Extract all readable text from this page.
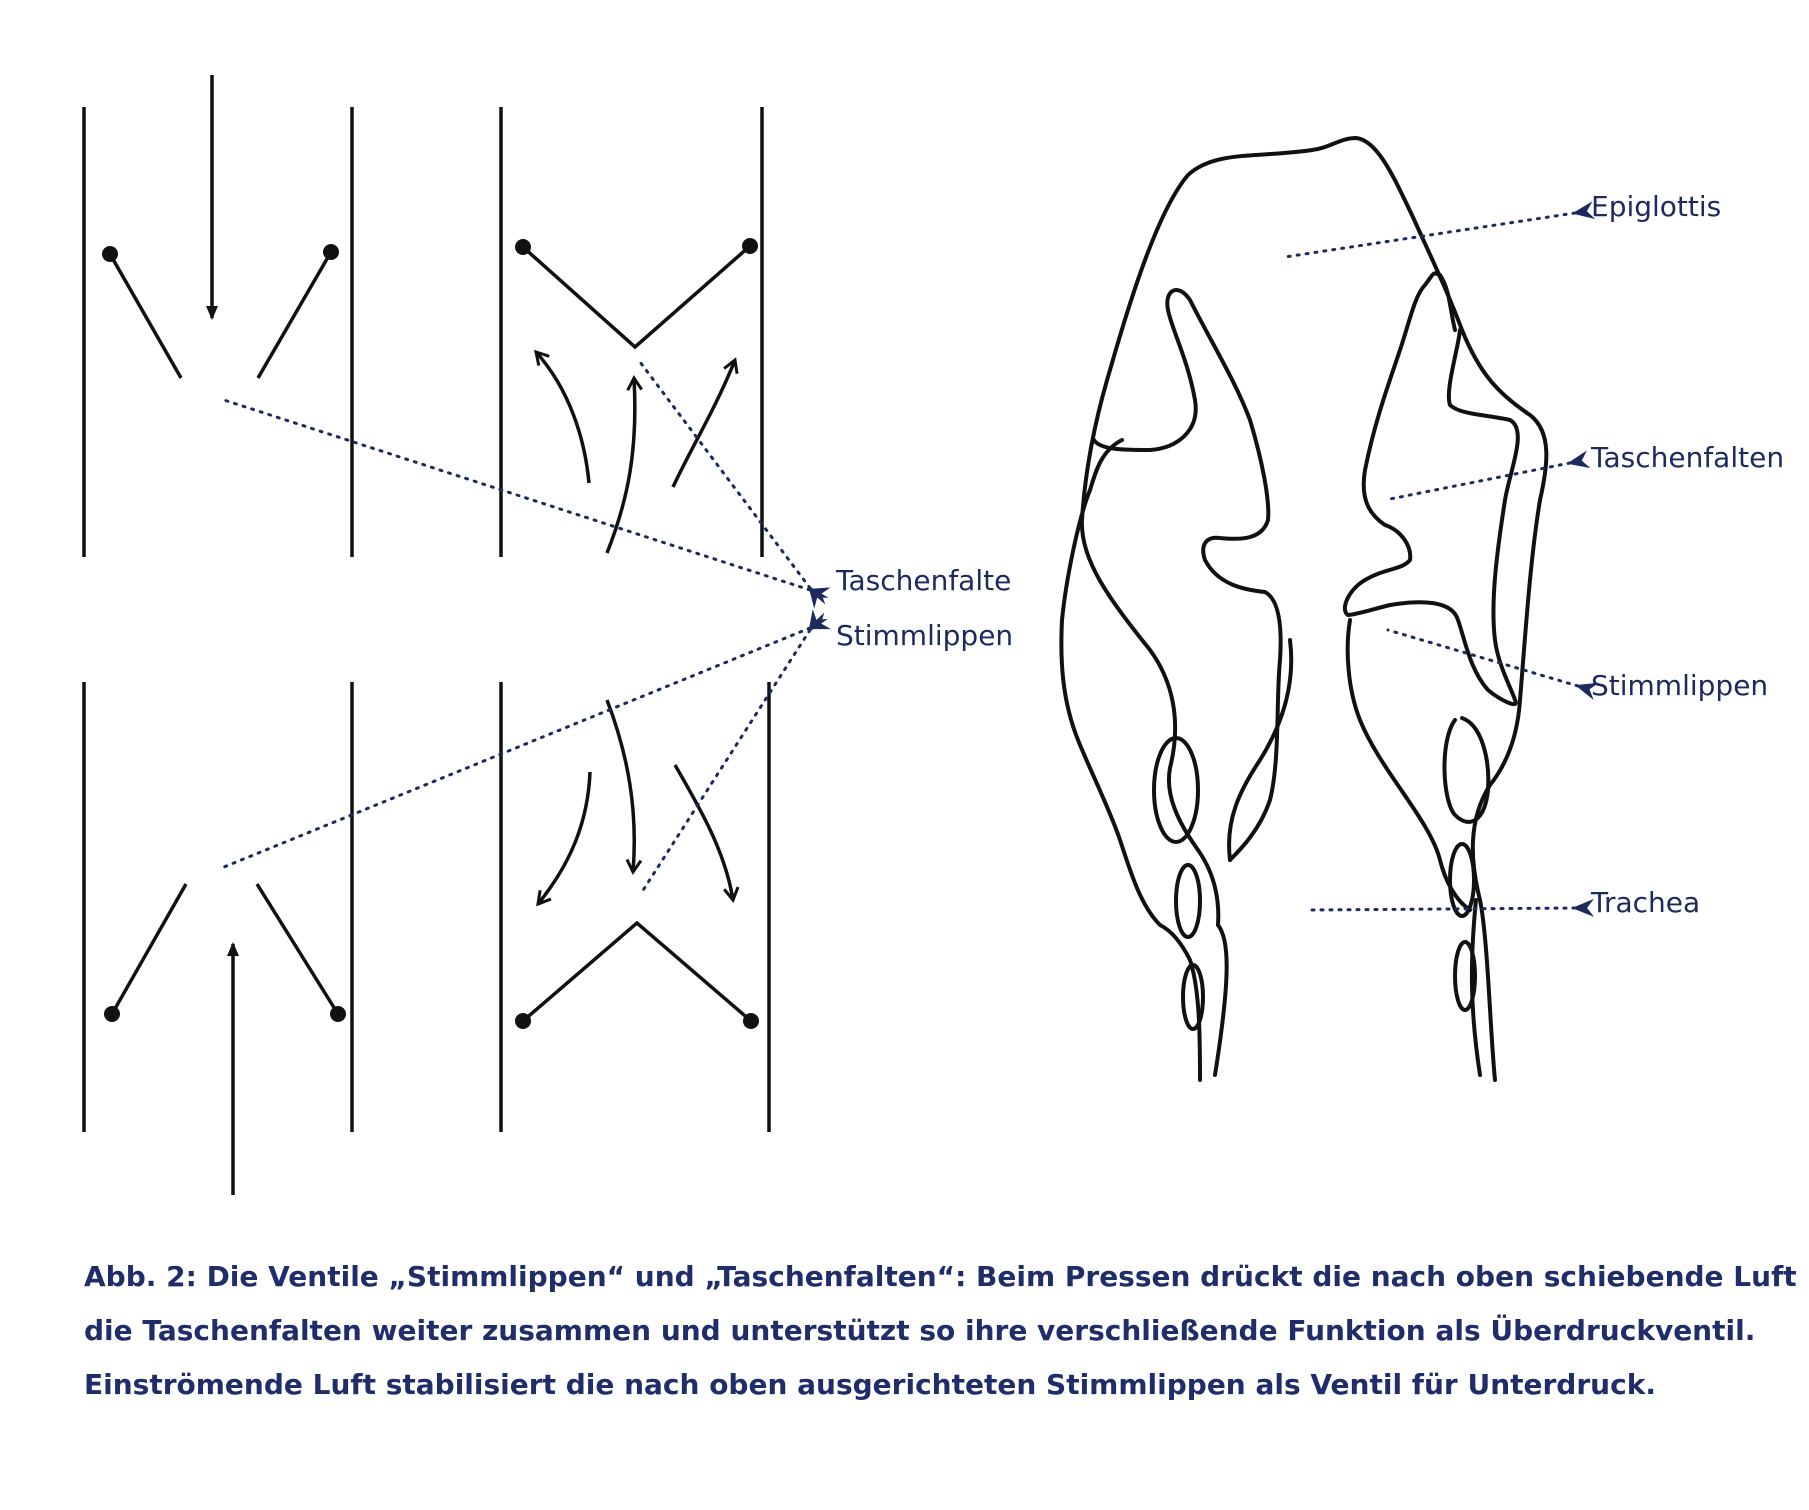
Taschenfalte
Stimmlippen
Epiglottis
Taschenfalten
Stimmlippen
Trachea

Abb. 2: Die Ventile „Stimmlippen“ und „Taschenfalten“: Beim Pressen drückt die nach oben schiebende Luft
die Taschenfalten weiter zusammen und unterstützt so ihre verschließende Funktion als Überdruckventil.
Einströmende Luft stabilisiert die nach oben ausgerichteten Stimmlippen als Ventil für Unterdruck.
